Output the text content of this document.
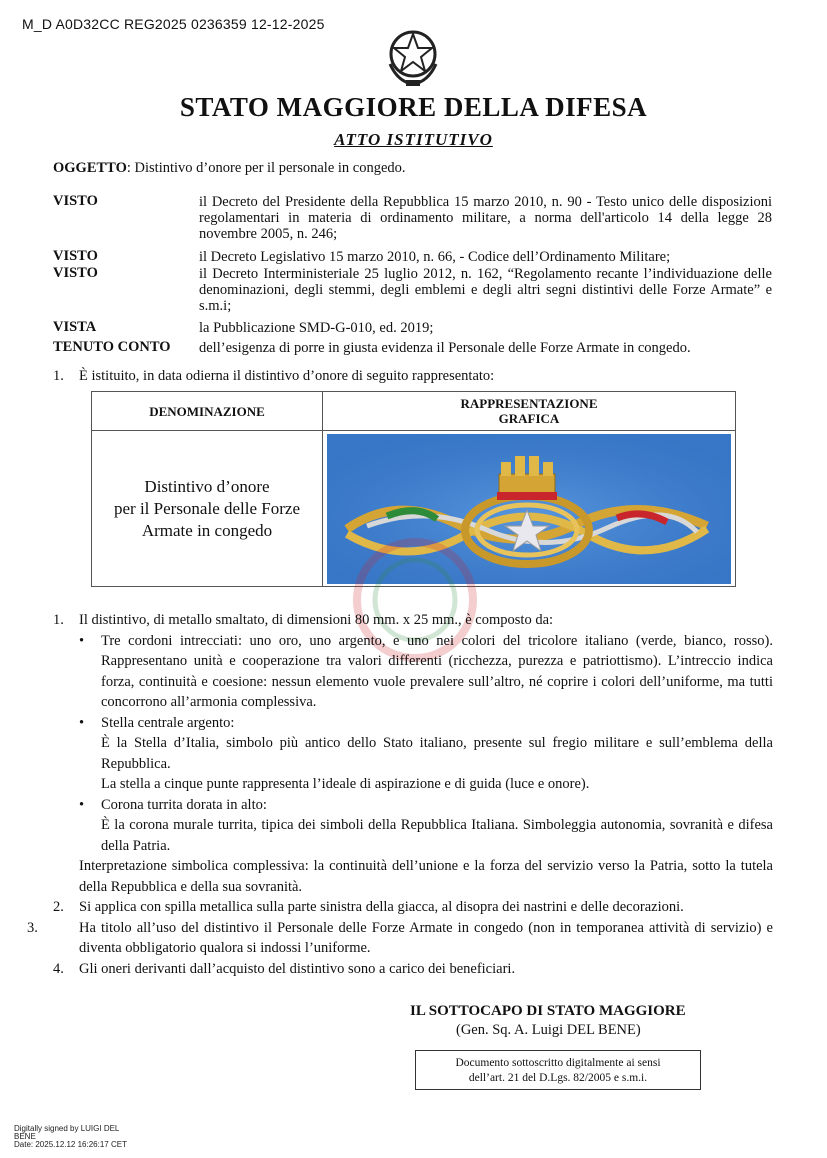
M_D A0D32CC REG2025 0236359 12-12-2025
STATO MAGGIORE DELLA DIFESA
ATTO ISTITUTIVO
OGGETTO: Distintivo d’onore per il personale in congedo.
VISTO	il Decreto del Presidente della Repubblica 15 marzo 2010, n. 90 - Testo unico delle disposizioni regolamentari in materia di ordinamento militare, a norma dell'articolo 14 della legge 28 novembre 2005, n. 246;
VISTO	il Decreto Legislativo 15 marzo 2010, n. 66, - Codice dell’Ordinamento Militare;
VISTO	il Decreto Interministeriale 25 luglio 2012, n. 162, “Regolamento recante l’individuazione delle denominazioni, degli stemmi, degli emblemi e degli altri segni distintivi delle Forze Armate” e s.m.i;
VISTA	la Pubblicazione SMD-G-010, ed. 2019;
TENUTO CONTO dell’esigenza di porre in giusta evidenza il Personale delle Forze Armate in congedo.
1. È istituito, in data odierna il distintivo d’onore di seguito rappresentato:
DENOMINAZIONE	RAPPRESENTAZIONE
GRAFICA
Distintivo d’onore
per il Personale delle Forze
Armate in congedo	
1. Il distintivo, di metallo smaltato, di dimensioni 80 mm. x 25 mm., è composto da:
• Tre cordoni intrecciati: uno oro, uno argento, e uno nei colori del tricolore italiano (verde, bianco, rosso). Rappresentano unità e cooperazione tra valori differenti (ricchezza, purezza e patriottismo). L’intreccio indica forza, continuità e coesione: nessun elemento vuole prevalere sull’altro, né coprire i colori dell’uniforme, ma tutti concorrono all’armonia complessiva.
• Stella centrale argento:
È la Stella d’Italia, simbolo più antico dello Stato italiano, presente sul fregio militare e sull’emblema della Repubblica.
La stella a cinque punte rappresenta l’ideale di aspirazione e di guida (luce e onore).
• Corona turrita dorata in alto:
È la corona murale turrita, tipica dei simboli della Repubblica Italiana. Simboleggia autonomia, sovranità e difesa della Patria.
Interpretazione simbolica complessiva: la continuità dell’unione e la forza del servizio verso la Patria, sotto la tutela della Repubblica e della sua sovranità.
2. Si applica con spilla metallica sulla parte sinistra della giacca, al disopra dei nastrini e delle decorazioni.
3.	Ha titolo all’uso del distintivo il Personale delle Forze Armate in congedo (non in temporanea attività di servizio) e diventa obbligatorio qualora si indossi l’uniforme.
4. Gli oneri derivanti dall’acquisto del distintivo sono a carico dei beneficiari.
IL SOTTOCAPO DI STATO MAGGIORE
(Gen. Sq. A. Luigi DEL BENE)
Documento sottoscritto digitalmente ai sensi
dell’art. 21 del D.Lgs. 82/2005 e s.m.i.
Digitally signed by LUIGI DEL
BENE
Date: 2025.12.12 16:26:17 CET
